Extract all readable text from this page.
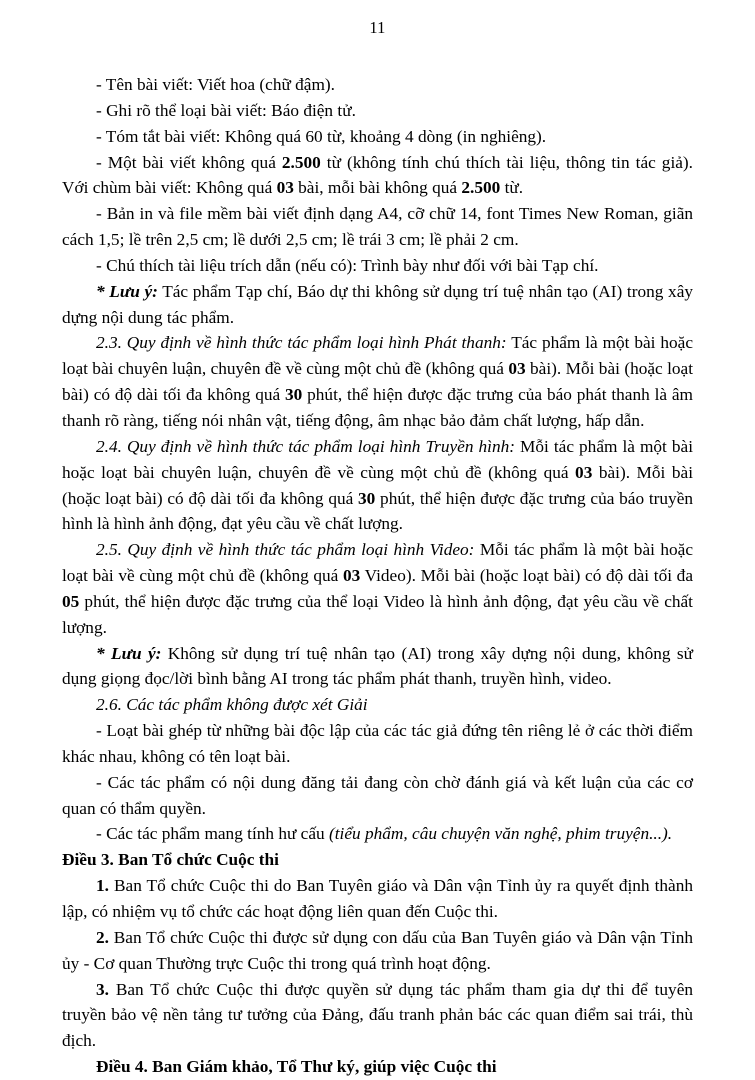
11

- Tên bài viết: Viết hoa (chữ đậm).

- Ghi rõ thể loại bài viết: Báo điện tử.

- Tóm tắt bài viết: Không quá 60 từ, khoảng 4 dòng (in nghiêng).

- Một bài viết không quá 2.500 từ (không tính chú thích tài liệu, thông tin tác giả). Với chùm bài viết: Không quá 03 bài, mỗi bài không quá 2.500 từ.

- Bản in và file mềm bài viết định dạng A4, cỡ chữ 14, font Times New Roman, giãn cách 1,5; lề trên 2,5 cm; lề dưới 2,5 cm; lề trái 3 cm; lề phải 2 cm.

- Chú thích tài liệu trích dẫn (nếu có): Trình bày như đối với bài Tạp chí.

* Lưu ý: Tác phẩm Tạp chí, Báo dự thi không sử dụng trí tuệ nhân tạo (AI) trong xây dựng nội dung tác phẩm.

2.3. Quy định về hình thức tác phẩm loại hình Phát thanh: Tác phẩm là một bài hoặc loạt bài chuyên luận, chuyên đề về cùng một chủ đề (không quá 03 bài). Mỗi bài (hoặc loạt bài) có độ dài tối đa không quá 30 phút, thể hiện được đặc trưng của báo phát thanh là âm thanh rõ ràng, tiếng nói nhân vật, tiếng động, âm nhạc bảo đảm chất lượng, hấp dẫn.

2.4. Quy định về hình thức tác phẩm loại hình Truyền hình: Mỗi tác phẩm là một bài hoặc loạt bài chuyên luận, chuyên đề về cùng một chủ đề (không quá 03 bài). Mỗi bài (hoặc loạt bài) có độ dài tối đa không quá 30 phút, thể hiện được đặc trưng của báo truyền hình là hình ảnh động, đạt yêu cầu về chất lượng.

2.5. Quy định về hình thức tác phẩm loại hình Video: Mỗi tác phẩm là một bài hoặc loạt bài về cùng một chủ đề (không quá 03 Video). Mỗi bài (hoặc loạt bài) có độ dài tối đa 05 phút, thể hiện được đặc trưng của thể loại Video là hình ảnh động, đạt yêu cầu về chất lượng.

* Lưu ý: Không sử dụng trí tuệ nhân tạo (AI) trong xây dựng nội dung, không sử dụng giọng đọc/lời bình bằng AI trong tác phẩm phát thanh, truyền hình, video.

2.6. Các tác phẩm không được xét Giải

- Loạt bài ghép từ những bài độc lập của các tác giả đứng tên riêng lẻ ở các thời điểm khác nhau, không có tên loạt bài.

- Các tác phẩm có nội dung đăng tải đang còn chờ đánh giá và kết luận của các cơ quan có thẩm quyền.

- Các tác phẩm mang tính hư cấu (tiểu phẩm, câu chuyện văn nghệ, phim truyện...).

Điều 3. Ban Tổ chức Cuộc thi

1. Ban Tổ chức Cuộc thi do Ban Tuyên giáo và Dân vận Tỉnh ủy ra quyết định thành lập, có nhiệm vụ tổ chức các hoạt động liên quan đến Cuộc thi.

2. Ban Tổ chức Cuộc thi được sử dụng con dấu của Ban Tuyên giáo và Dân vận Tỉnh ủy - Cơ quan Thường trực Cuộc thi trong quá trình hoạt động.

3. Ban Tổ chức Cuộc thi được quyền sử dụng tác phẩm tham gia dự thi để tuyên truyền bảo vệ nền tảng tư tưởng của Đảng, đấu tranh phản bác các quan điểm sai trái, thù địch.

Điều 4. Ban Giám khảo, Tổ Thư ký, giúp việc Cuộc thi
